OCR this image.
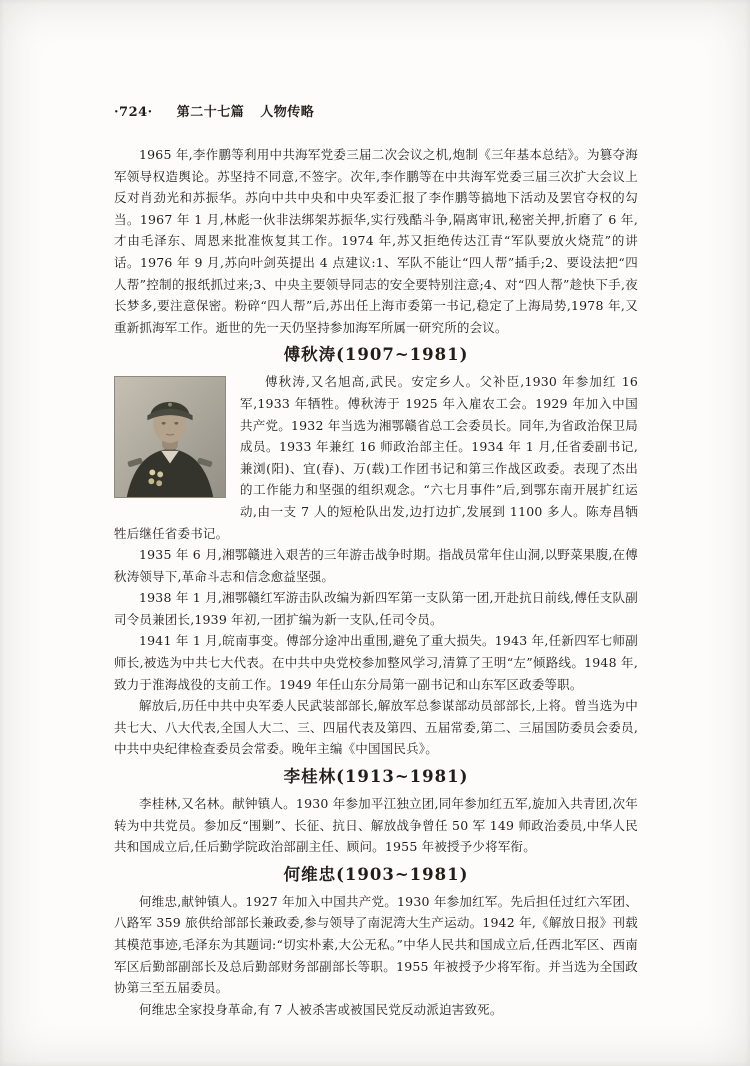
·724· 第二十七篇 人物传略

1965 年,李作鹏等利用中共海军党委三届二次会议之机,炮制《三年基本总结》。为篡夺海军领导权造舆论。苏坚持不同意,不签字。次年,李作鹏等在中共海军党委三届三次扩大会议上反对肖劲光和苏振华。苏向中共中央和中央军委汇报了李作鹏等搞地下活动及罢官夺权的勾当。1967 年 1 月,林彪一伙非法绑架苏振华,实行残酷斗争,隔离审讯,秘密关押,折磨了 6 年,才由毛泽东、周恩来批准恢复其工作。1974 年,苏又拒绝传达江青“军队要放火烧荒”的讲话。1976 年 9 月,苏向叶剑英提出 4 点建议:1、军队不能让“四人帮”插手;2、要设法把“四人帮”控制的报纸抓过来;3、中央主要领导同志的安全要特别注意;4、对“四人帮”趁快下手,夜长梦多,要注意保密。粉碎“四人帮”后,苏出任上海市委第一书记,稳定了上海局势,1978 年,又重新抓海军工作。逝世的先一天仍坚持参加海军所属一研究所的会议。

傅秋涛(1907~1981)

傅秋涛,又名旭高,武民。安定乡人。父补臣,1930 年参加红 16 军,1933 年牺牲。傅秋涛于 1925 年入雇农工会。1929 年加入中国共产党。1932 年当选为湘鄂赣省总工会委员长。同年,为省政治保卫局成员。1933 年兼红 16 师政治部主任。1934 年 1 月,任省委副书记,兼浏(阳)、宜(春)、万(载)工作团书记和第三作战区政委。表现了杰出的工作能力和坚强的组织观念。“六七月事件”后,到鄂东南开展扩红运动,由一支 7 人的短枪队出发,边打边扩,发展到 1100 多人。陈寿昌牺牲后继任省委书记。

1935 年 6 月,湘鄂赣进入艰苦的三年游击战争时期。指战员常年住山洞,以野菜果腹,在傅秋涛领导下,革命斗志和信念愈益坚强。

1938 年 1 月,湘鄂赣红军游击队改编为新四军第一支队第一团,开赴抗日前线,傅任支队副司令员兼团长,1939 年初,一团扩编为新一支队,任司令员。

1941 年 1 月,皖南事变。傅部分途冲出重围,避免了重大损失。1943 年,任新四军七师副师长,被选为中共七大代表。在中共中央党校参加整风学习,清算了王明“左”倾路线。1948 年,致力于淮海战役的支前工作。1949 年任山东分局第一副书记和山东军区政委等职。

解放后,历任中共中央军委人民武装部部长,解放军总参谋部动员部部长,上将。曾当选为中共七大、八大代表,全国人大二、三、四届代表及第四、五届常委,第二、三届国防委员会委员,中共中央纪律检查委员会常委。晚年主编《中国国民兵》。

李桂林(1913~1981)

李桂林,又名林。献钟镇人。1930 年参加平江独立团,同年参加红五军,旋加入共青团,次年转为中共党员。参加反“围剿”、长征、抗日、解放战争曾任 50 军 149 师政治委员,中华人民共和国成立后,任后勤学院政治部副主任、顾问。1955 年被授予少将军衔。

何维忠(1903~1981)

何维忠,献钟镇人。1927 年加入中国共产党。1930 年参加红军。先后担任过红六军团、八路军 359 旅供给部部长兼政委,参与领导了南泥湾大生产运动。1942 年,《解放日报》刊载其模范事迹,毛泽东为其题词:“切实朴素,大公无私。”中华人民共和国成立后,任西北军区、西南军区后勤部副部长及总后勤部财务部副部长等职。1955 年被授予少将军衔。并当选为全国政协第三至五届委员。

何维忠全家投身革命,有 7 人被杀害或被国民党反动派迫害致死。
